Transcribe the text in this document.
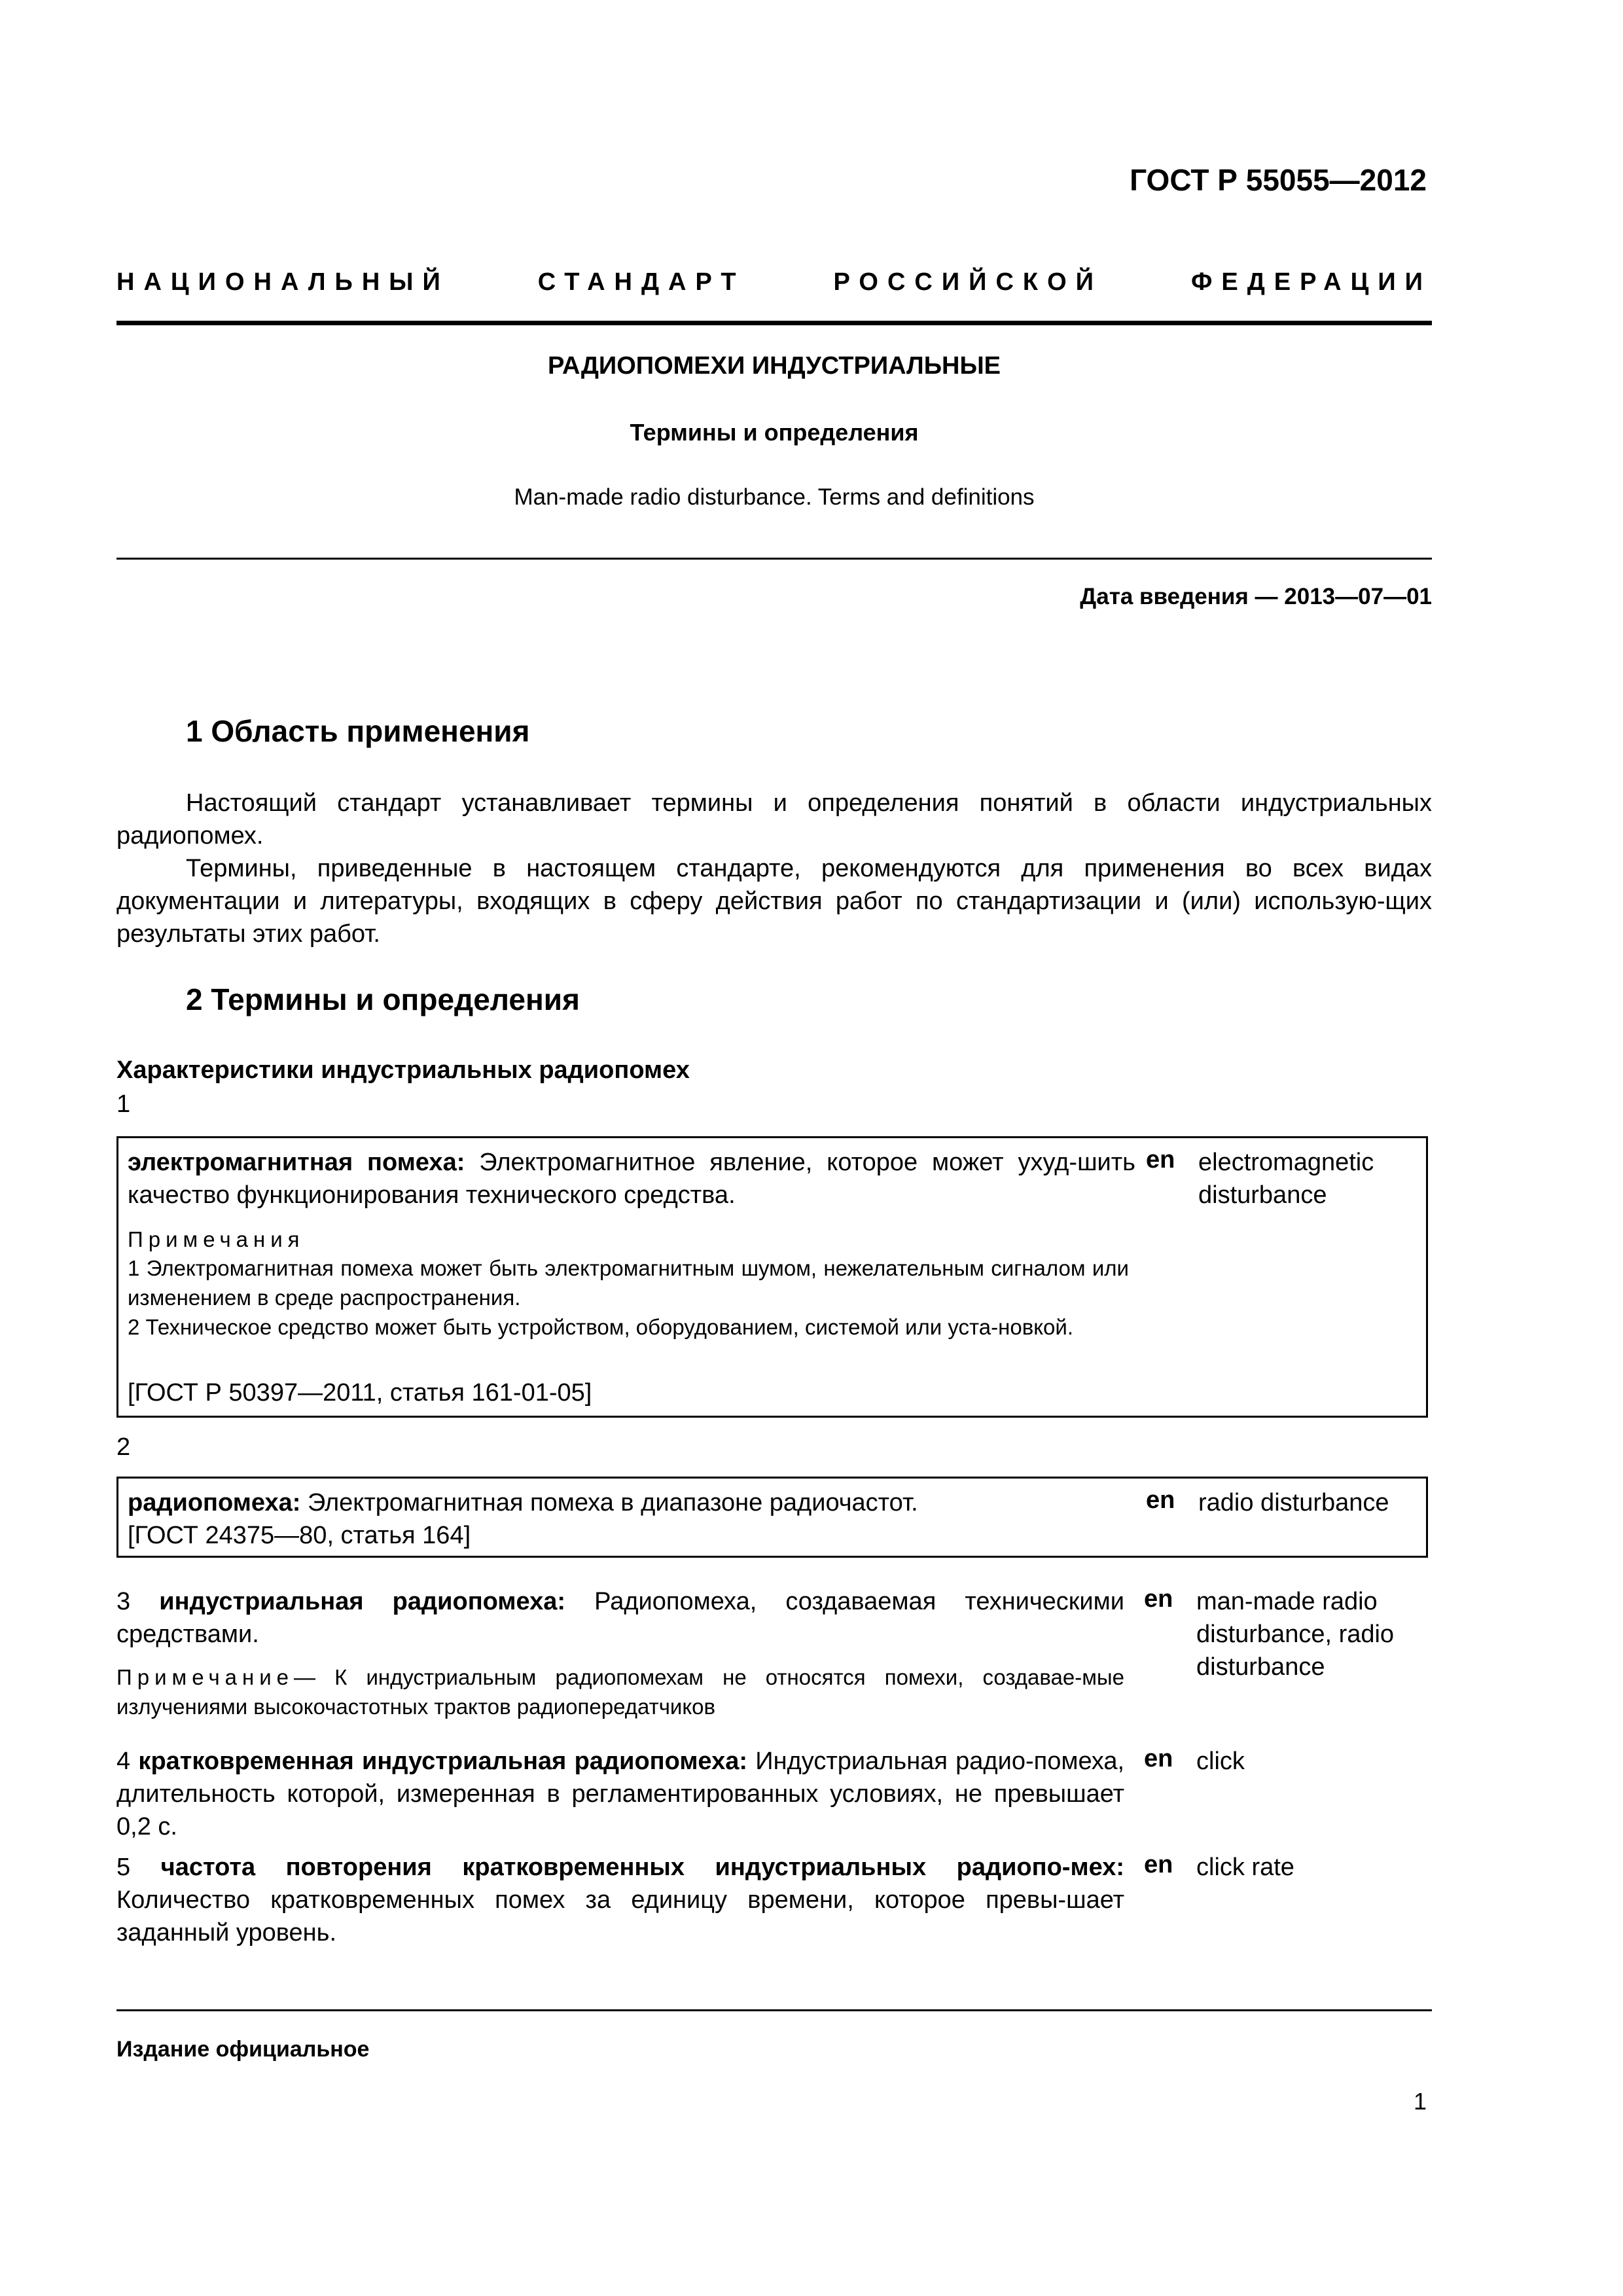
ГОСТ Р 55055—2012
НАЦИОНАЛЬНЫЙ	СТАНДАРТ	РОССИЙСКОЙ	ФЕДЕРАЦИИ
РАДИОПОМЕХИ ИНДУСТРИАЛЬНЫЕ
Термины и определения
Man-made radio disturbance. Terms and definitions
Дата введения — 2013—07—01
1 Область применения
Настоящий стандарт устанавливает термины и определения понятий в области индустриальных радиопомех.
Термины, приведенные в настоящем стандарте, рекомендуются для применения во всех видах документации и литературы, входящих в сферу действия работ по стандартизации и (или) использую-щих результаты этих работ.
2 Термины и определения
Характеристики индустриальных радиопомех
1
электромагнитная помеха: Электромагнитное явление, которое может ухуд-шить качество функционирования технического средства.
en electromagnetic
disturbance
Примечания
1 Электромагнитная помеха может быть электромагнитным шумом, нежелательным сигналом или изменением в среде распространения.
2 Техническое средство может быть устройством, оборудованием, системой или уста-новкой.
[ГОСТ Р 50397—2011, статья 161-01-05]
2
радиопомеха: Электромагнитная помеха в диапазоне радиочастот.
[ГОСТ 24375—80, статья 164]
en radio disturbance
3 индустриальная радиопомеха: Радиопомеха, создаваемая техническими средствами.
en man-made radio
disturbance, radio
disturbance
Примечание— К индустриальным радиопомехам не относятся помехи, создавае-мые излучениями высокочастотных трактов радиопередатчиков
4 кратковременная индустриальная радиопомеха: Индустриальная радио-помеха, длительность которой, измеренная в регламентированных условиях, не превышает 0,2 с.
en click
5 частота повторения кратковременных индустриальных радиопо-мех: Количество кратковременных помех за единицу времени, которое превы-шает заданный уровень.
en click rate
Издание официальное
1
